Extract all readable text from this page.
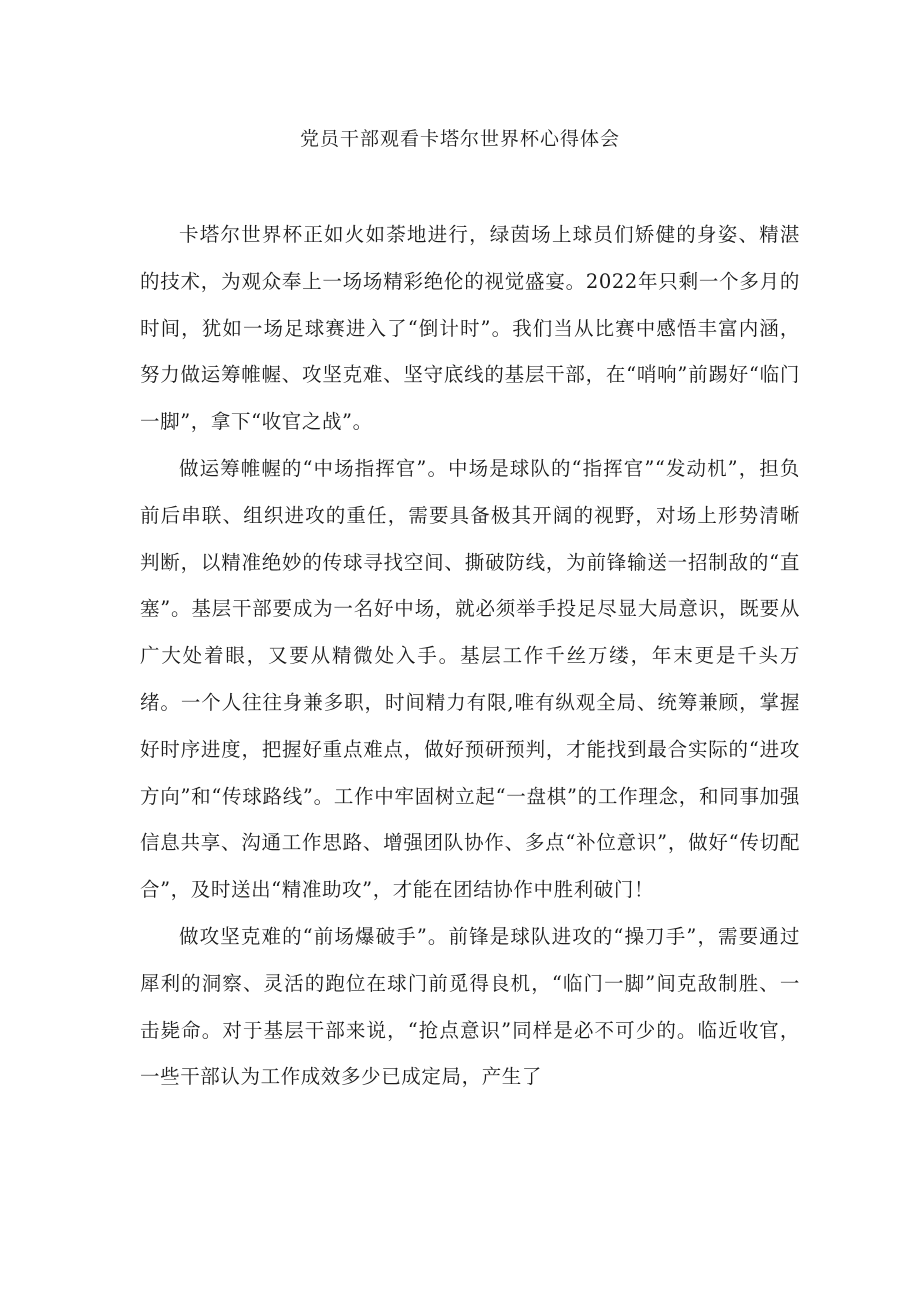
党员干部观看卡塔尔世界杯心得体会

卡塔尔世界杯正如火如荼地进行，绿茵场上球员们矫健的身姿、精湛的技术，为观众奉上一场场精彩绝伦的视觉盛宴。2022年只剩一个多月的时间，犹如一场足球赛进入了“倒计时”。我们当从比赛中感悟丰富内涵，努力做运筹帷幄、攻坚克难、坚守底线的基层干部，在“哨响”前踢好“临门一脚”，拿下“收官之战”。

做运筹帷幄的“中场指挥官”。中场是球队的“指挥官”“发动机”，担负前后串联、组织进攻的重任，需要具备极其开阔的视野，对场上形势清晰判断，以精准绝妙的传球寻找空间、撕破防线，为前锋输送一招制敌的“直塞”。基层干部要成为一名好中场，就必须举手投足尽显大局意识，既要从广大处着眼，又要从精微处入手。基层工作千丝万缕，年末更是千头万绪。一个人往往身兼多职，时间精力有限,唯有纵观全局、统筹兼顾，掌握好时序进度，把握好重点难点，做好预研预判，才能找到最合实际的“进攻方向”和“传球路线”。工作中牢固树立起“一盘棋”的工作理念，和同事加强信息共享、沟通工作思路、增强团队协作、多点“补位意识”，做好“传切配合”，及时送出“精准助攻”，才能在团结协作中胜利破门！

做攻坚克难的“前场爆破手”。前锋是球队进攻的“操刀手”，需要通过犀利的洞察、灵活的跑位在球门前觅得良机，“临门一脚”间克敌制胜、一击毙命。对于基层干部来说，“抢点意识”同样是必不可少的。临近收官，一些干部认为工作成效多少已成定局，产生了
